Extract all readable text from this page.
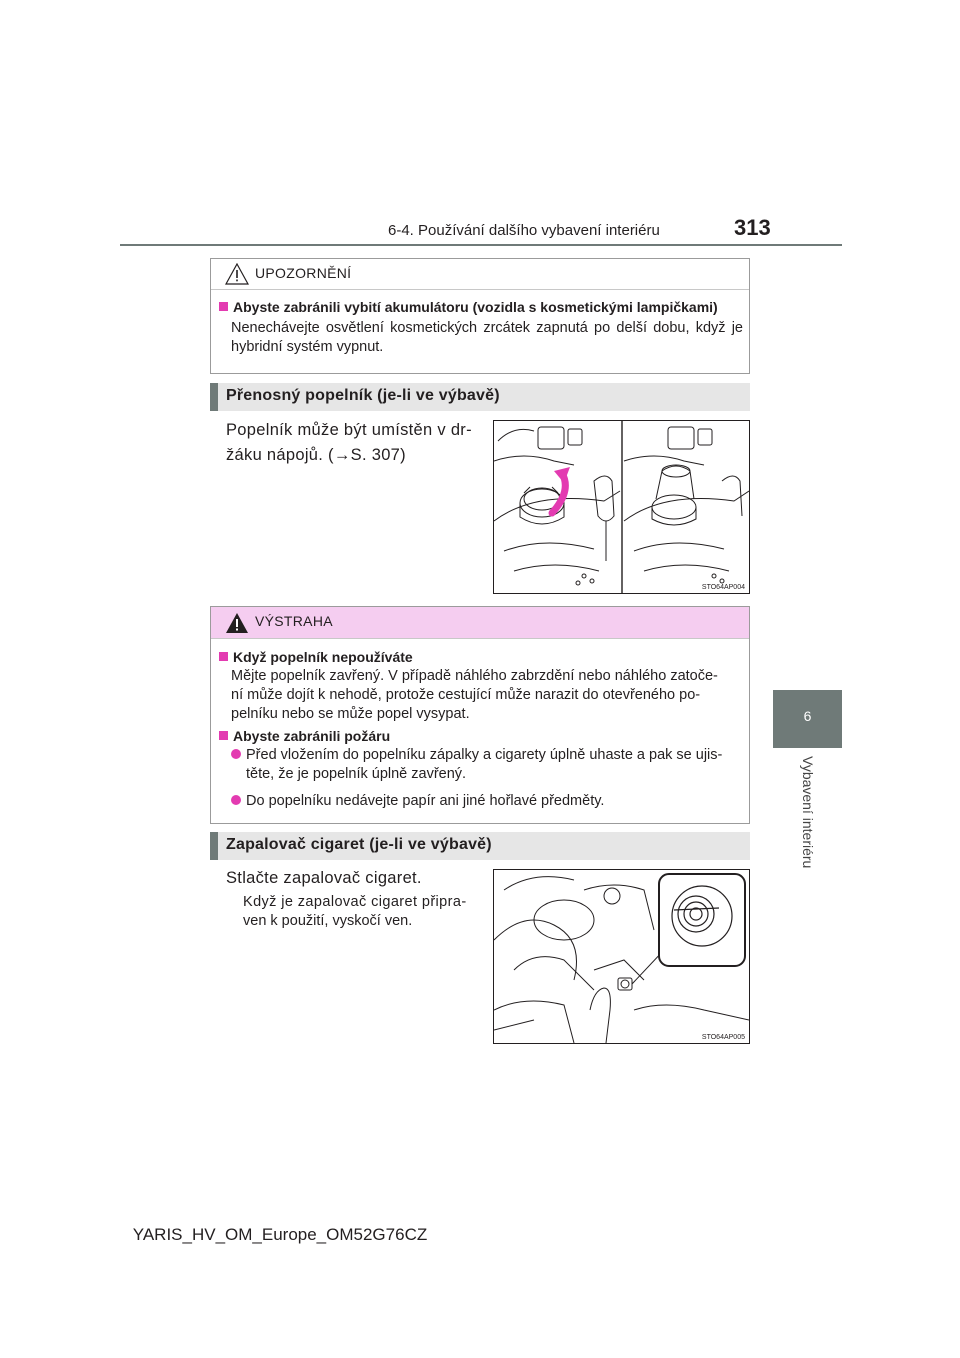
6-4. Používání dalšího vybavení interiéru	313
6
Vybavení interiéru
UPOZORNĚNÍ
Abyste zabránili vybití akumulátoru (vozidla s kosmetickými lampičkami)
Nenechávejte osvětlení kosmetických zrcátek zapnutá po delší dobu, když je hybridní systém vypnut.
Přenosný popelník (je-li ve výbavě)
Popelník může být umístěn v dr-
žáku nápojů. (→S. 307)
STO64AP004
VÝSTRAHA
Když popelník nepoužíváte
Mějte popelník zavřený. V případě náhlého zabrzdění nebo náhlého zatoče-
ní může dojít k nehodě, protože cestující může narazit do otevřeného po-
pelníku nebo se může popel vysypat.
Abyste zabránili požáru
Před vložením do popelníku zápalky a cigarety úplně uhaste a pak se ujis-
těte, že je popelník úplně zavřený.
Do popelníku nedávejte papír ani jiné hořlavé předměty.
Zapalovač cigaret (je-li ve výbavě)
Stlačte zapalovač cigaret.
Když je zapalovač cigaret připra-
ven k použití, vyskočí ven.
STO64AP005
YARIS_HV_OM_Europe_OM52G76CZ
